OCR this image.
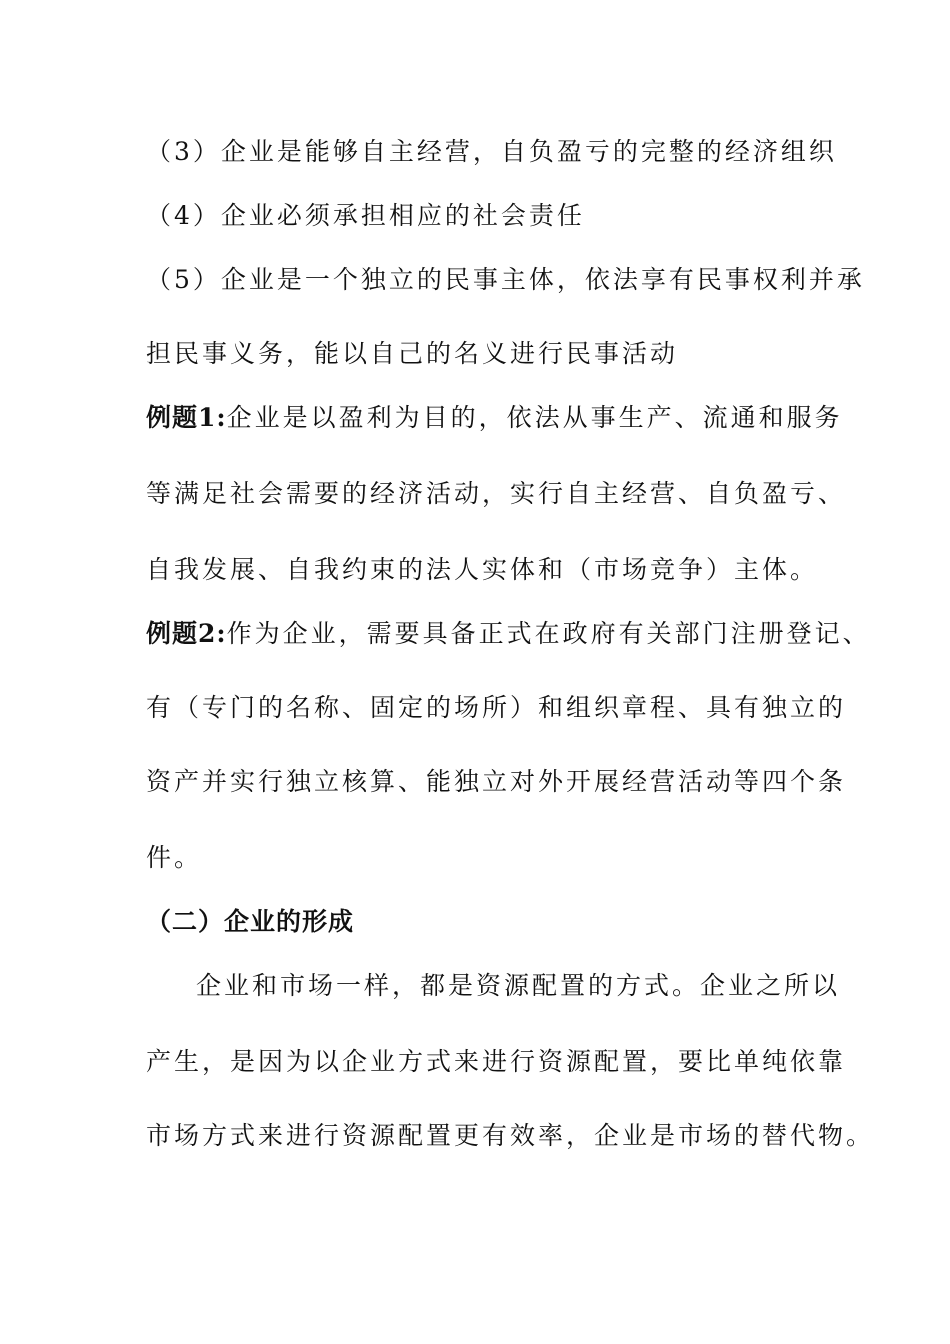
（3）企业是能够自主经营，自负盈亏的完整的经济组织
（4）企业必须承担相应的社会责任
（5）企业是一个独立的民事主体，依法享有民事权利并承
担民事义务，能以自己的名义进行民事活动
例题1:企业是以盈利为目的，依法从事生产、流通和服务
等满足社会需要的经济活动，实行自主经营、自负盈亏、
自我发展、自我约束的法人实体和（市场竞争）主体。
例题2:作为企业，需要具备正式在政府有关部门注册登记、
有（专门的名称、固定的场所）和组织章程、具有独立的
资产并实行独立核算、能独立对外开展经营活动等四个条
件。
（二）企业的形成
企业和市场一样，都是资源配置的方式。企业之所以
产生，是因为以企业方式来进行资源配置，要比单纯依靠
市场方式来进行资源配置更有效率，企业是市场的替代物。
